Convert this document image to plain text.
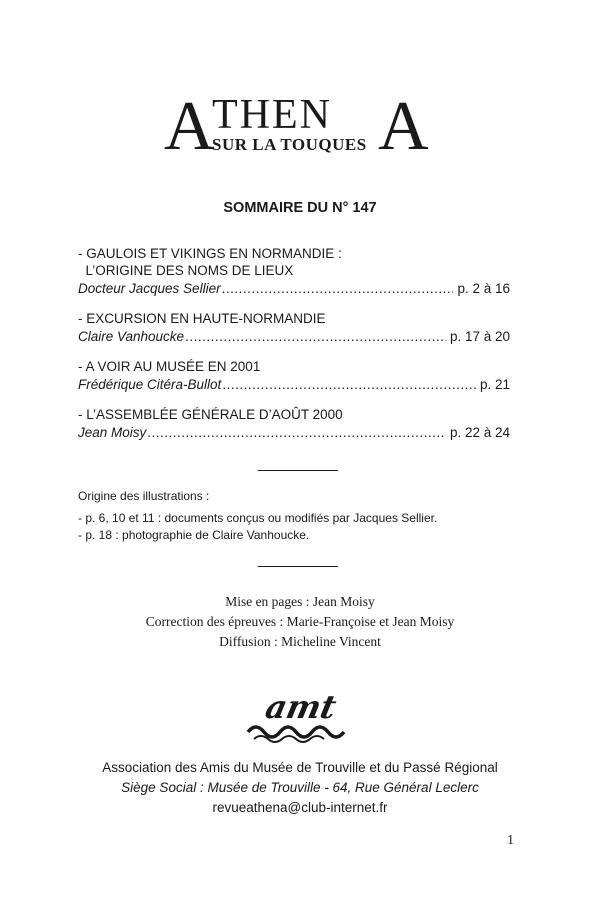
A
THEN A
SUR LA TOUQUES
SOMMAIRE DU N° 147
- GAULOIS ET VIKINGS EN NORMANDIE :
L’ORIGINE DES NOMS DE LIEUX
Docteur Jacques Sellier .....	p. 2 à 16
- EXCURSION EN HAUTE-NORMANDIE
Claire Vanhoucke .....	p. 17 à 20
- A VOIR AU MUSÉE EN 2001
Frédérique Citéra-Bullot .....	p. 21
- L’ASSEMBLÉE GÉNÉRALE D’AOÛT 2000
Jean Moisy .....	p. 22 à 24
Origine des illustrations :
- p. 6, 10 et 11 : documents conçus ou modifiés par Jacques Sellier.
- p. 18 : photographie de Claire Vanhoucke.
Mise en pages : Jean Moisy
Correction des épreuves : Marie-Françoise et Jean Moisy
Diffusion : Micheline Vincent
amt
Association des Amis du Musée de Trouville et du Passé Régional
Siège Social : Musée de Trouville - 64, Rue Général Leclerc
revueathena@club-internet.fr
1
